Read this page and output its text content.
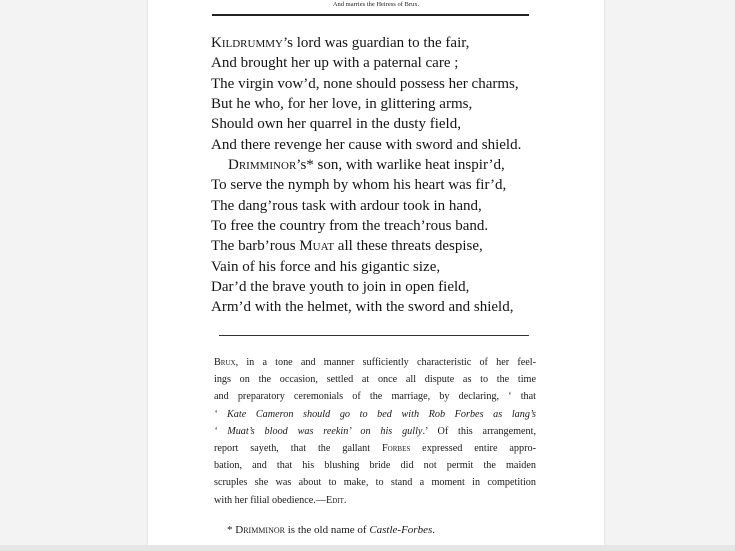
And marries the Heiress of Brux.
Kildrummy’s lord was guardian to the fair,
And brought her up with a paternal care ;
The virgin vow’d, none should possess her charms,
But he who, for her love, in glittering arms,
Should own her quarrel in the dusty field,
And there revenge her cause with sword and shield.
Drimminor’s* son, with warlike heat inspir’d,
To serve the nymph by whom his heart was fir’d,
The dang’rous task with ardour took in hand,
To free the country from the treach’rous band.
The barb’rous Muat all these threats despise,
Vain of his force and his gigantic size,
Dar’d the brave youth to join in open field,
Arm’d with the helmet, with the sword and shield,
Brux, in a tone and manner sufficiently characteristic of her feel-
ings on the occasion, settled at once all dispute as to the time
and preparatory ceremonials of the marriage, by declaring, ‘ that
‘ Kate Cameron should go to bed with Rob Forbes as lang’s
‘ Muat’s blood was reekin’ on his gully.’ Of this arrangement,
report sayeth, that the gallant Forbes expressed entire appro-
bation, and that his blushing bride did not permit the maiden
scruples she was about to make, to stand a moment in competition
with her filial obedience.—Edit.
* Drimminor is the old name of Castle-Forbes.
